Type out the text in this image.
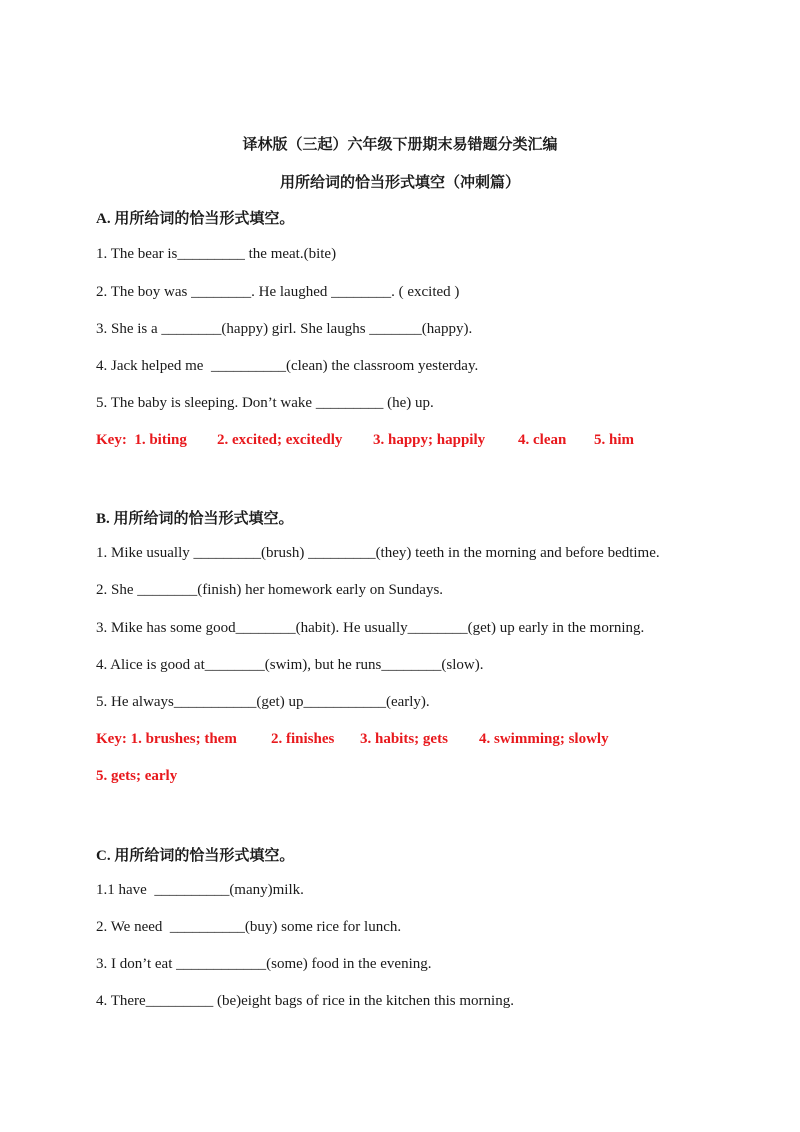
译林版（三起）六年级下册期末易错题分类汇编
用所给词的恰当形式填空（冲刺篇）
A. 用所给词的恰当形式填空。
1. The bear is_________ the meat.(bite)
2. The boy was ________. He laughed ________. ( excited )
3. She is a ________(happy) girl. She laughs _______(happy).
4. Jack helped me  __________(clean) the classroom yesterday.
5. The baby is sleeping. Don’t wake _________ (he) up.

Key:  1. biting

2. excited; excitedly

3. happy; happily

4. clean

5. him

B. 用所给词的恰当形式填空。
1. Mike usually _________(brush) _________(they) teeth in the morning and before bedtime.
2. She ________(finish) her homework early on Sundays.
3. Mike has some good________(habit). He usually________(get) up early in the morning.
4. Alice is good at________(swim), but he runs________(slow).
5. He always___________(get) up___________(early).

Key: 1. brushes; them

2. finishes

3. habits; gets

4. swimming; slowly

5. gets; early
C. 用所给词的恰当形式填空。
1.1 have  __________(many)milk.
2. We need  __________(buy) some rice for lunch.
3. I don’t eat ____________(some) food in the evening.
4. There_________ (be)eight bags of rice in the kitchen this morning.
